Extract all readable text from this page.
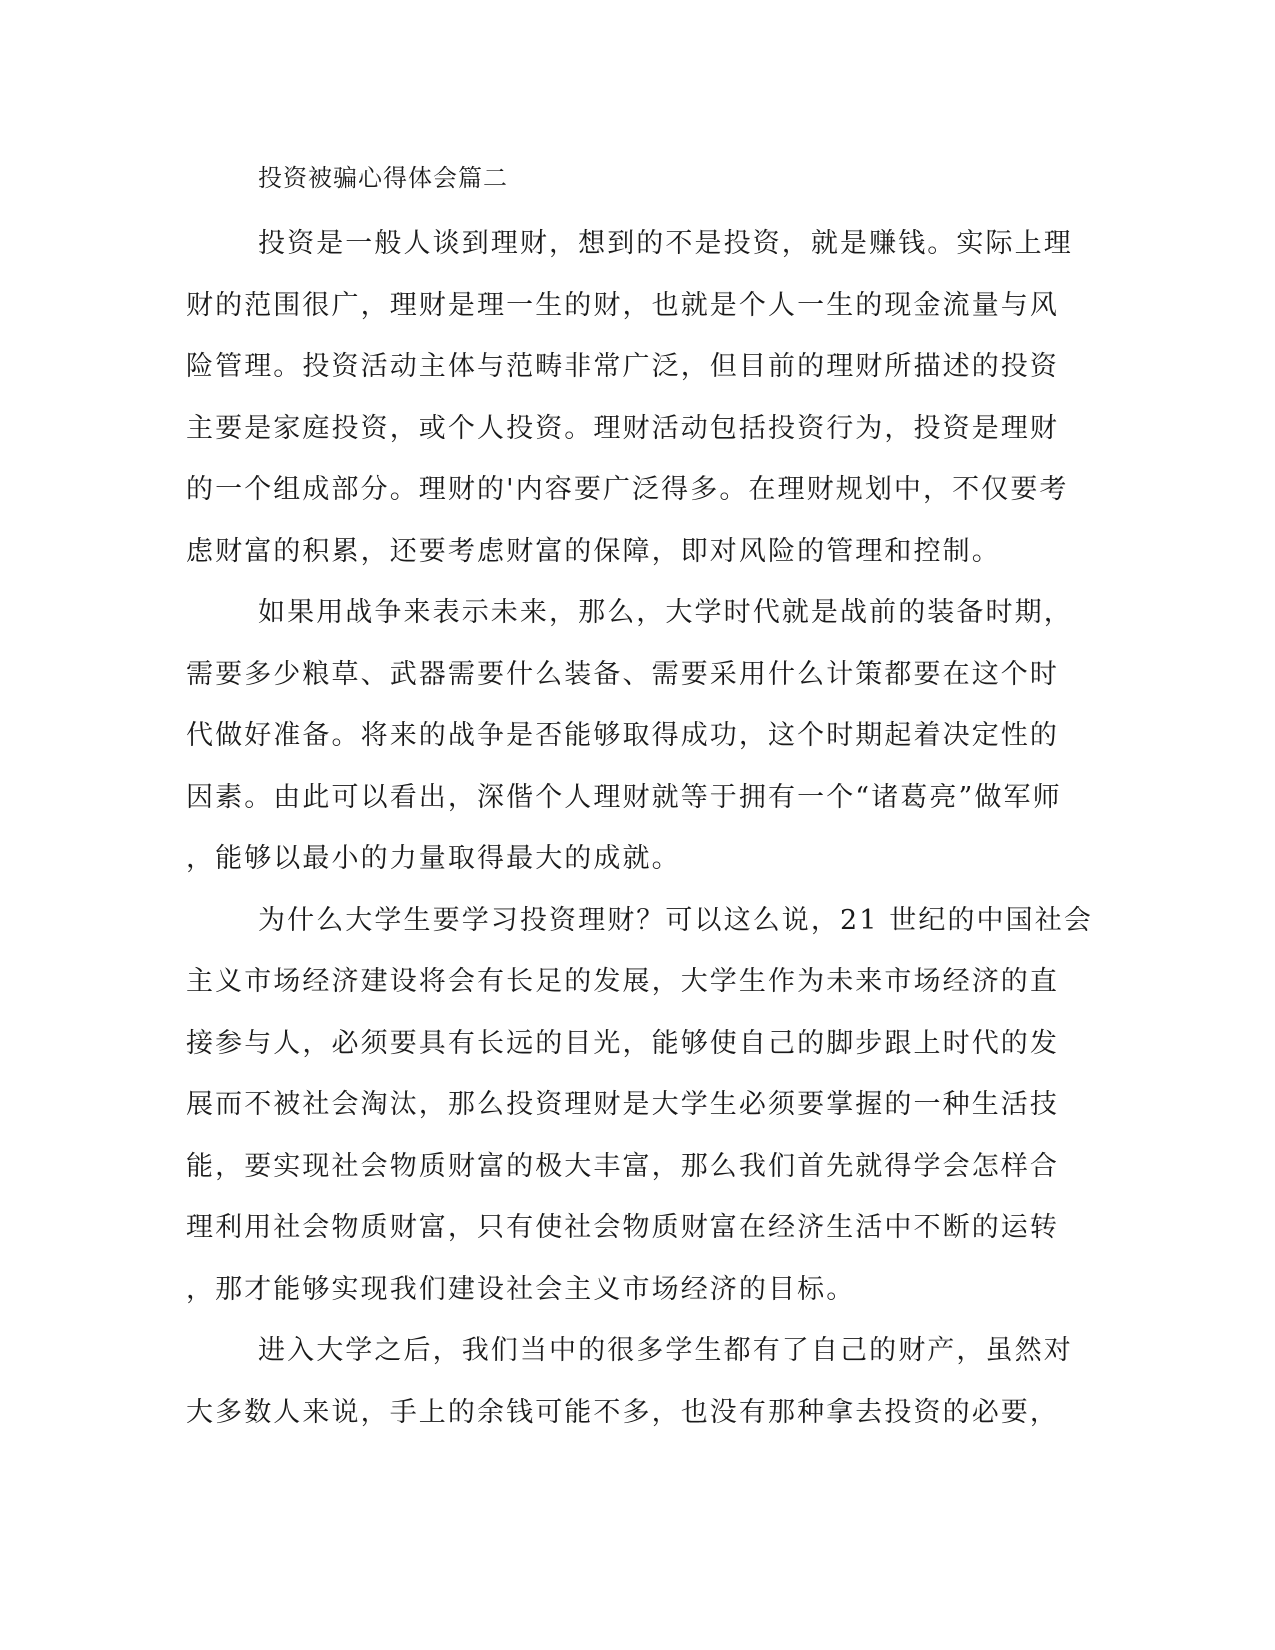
投资被骗心得体会篇二
投资是一般人谈到理财，想到的不是投资，就是赚钱。实际上理
财的范围很广，理财是理一生的财，也就是个人一生的现金流量与风
险管理。投资活动主体与范畴非常广泛，但目前的理财所描述的投资
主要是家庭投资，或个人投资。理财活动包括投资行为，投资是理财
的一个组成部分。理财的'内容要广泛得多。在理财规划中，不仅要考
虑财富的积累，还要考虑财富的保障，即对风险的管理和控制。
如果用战争来表示未来，那么，大学时代就是战前的装备时期，
需要多少粮草、武器需要什么装备、需要采用什么计策都要在这个时
代做好准备。将来的战争是否能够取得成功，这个时期起着决定性的
因素。由此可以看出，深偕个人理财就等于拥有一个“诸葛亮”做军师
，能够以最小的力量取得最大的成就。
为什么大学生要学习投资理财？可以这么说，21 世纪的中国社会
主义市场经济建设将会有长足的发展，大学生作为未来市场经济的直
接参与人，必须要具有长远的目光，能够使自己的脚步跟上时代的发
展而不被社会淘汰，那么投资理财是大学生必须要掌握的一种生活技
能，要实现社会物质财富的极大丰富，那么我们首先就得学会怎样合
理利用社会物质财富，只有使社会物质财富在经济生活中不断的运转
，那才能够实现我们建设社会主义市场经济的目标。
进入大学之后，我们当中的很多学生都有了自己的财产，虽然对
大多数人来说，手上的余钱可能不多，也没有那种拿去投资的必要，
